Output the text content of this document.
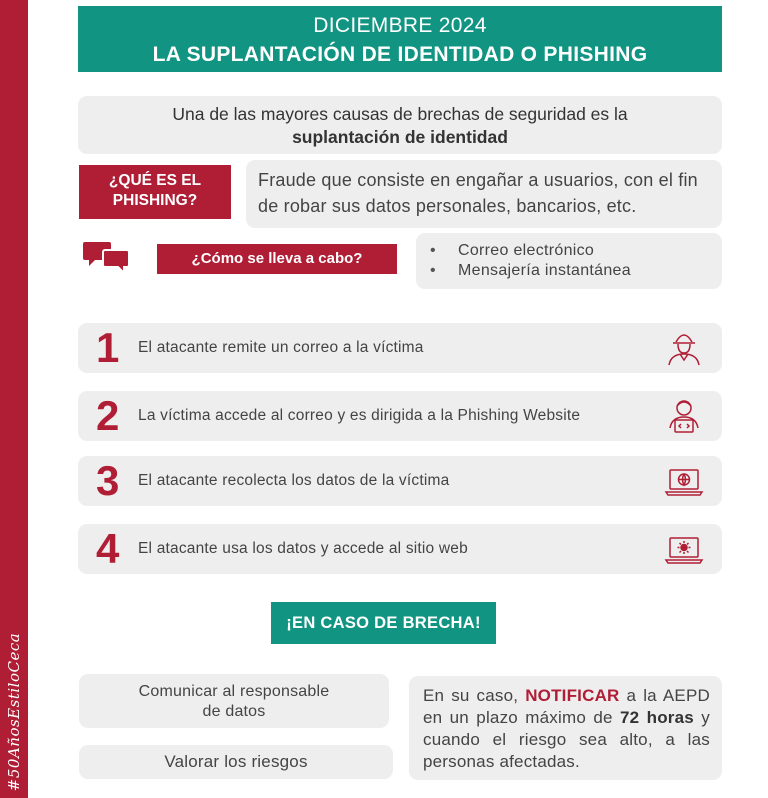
#50AñosEstiloCeca
DICIEMBRE 2024
LA SUPLANTACIÓN DE IDENTIDAD O PHISHING
Una de las mayores causas de brechas de seguridad es la
suplantación de identidad
¿QUÉ ES EL
PHISHING?
Fraude que consiste en engañar a usuarios, con el fin de robar sus datos personales, bancarios, etc.
¿Cómo se lleva a cabo?	•	Correo electrónico
•	Mensajería instantánea
1 El atacante remite un correo a la víctima
2 La víctima accede al correo y es dirigida a la Phishing Website
3 El atacante recolecta los datos de la víctima
4 El atacante usa los datos y accede al sitio web
¡EN CASO DE BRECHA!
Comunicar al responsable
de datos
Valorar los riesgos
En su caso, NOTIFICAR a la AEPD en un plazo máximo de 72 horas y cuando el riesgo sea alto, a las personas afectadas.
